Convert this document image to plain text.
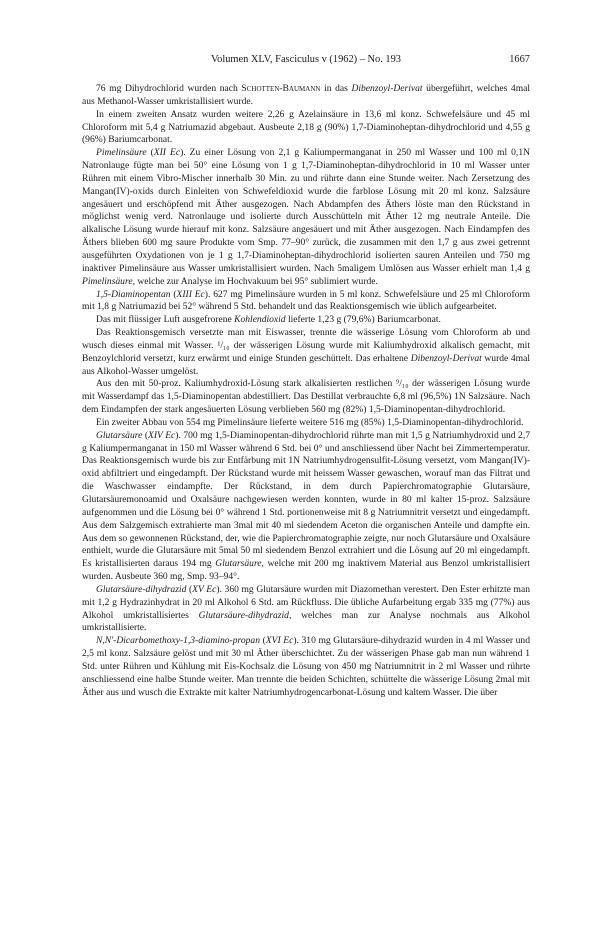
Volumen XLV, Fasciculus v (1962) – No. 193	1667

76 mg Dihydrochlorid wurden nach Schotten-Baumann in das Dibenzoyl-Derivat übergeführt, welches 4mal aus Methanol-Wasser umkristallisiert wurde.

In einem zweiten Ansatz wurden weitere 2,26 g Azelainsäure in 13,6 ml konz. Schwefelsäure und 45 ml Chloroform mit 5,4 g Natriumazid abgebaut. Ausbeute 2,18 g (90%) 1,7-Diaminoheptan-dihydrochlorid und 4,55 g (96%) Bariumcarbonat.

Pimelinsäure (XII Ec). Zu einer Lösung von 2,1 g Kaliumpermanganat in 250 ml Wasser und 100 ml 0,1N Natronlauge fügte man bei 50° eine Lösung von 1 g 1,7-Diaminoheptan-dihydrochlorid in 10 ml Wasser unter Rühren mit einem Vibro-Mischer innerhalb 30 Min. zu und rührte dann eine Stunde weiter. Nach Zersetzung des Mangan(IV)-oxids durch Einleiten von Schwefeldioxid wurde die farblose Lösung mit 20 ml konz. Salzsäure angesäuert und erschöpfend mit Äther ausgezogen. Nach Abdampfen des Äthers löste man den Rückstand in möglichst wenig verd. Natronlauge und isolierte durch Ausschütteln mit Äther 12 mg neutrale Anteile. Die alkalische Lösung wurde hierauf mit konz. Salzsäure angesäuert und mit Äther ausgezogen. Nach Eindampfen des Äthers blieben 600 mg saure Produkte vom Smp. 77–90° zurück, die zusammen mit den 1,7 g aus zwei getrennt ausgeführten Oxydationen von je 1 g 1,7-Diaminoheptan-dihydrochlorid isolierten sauren Anteilen und 750 mg inaktiver Pimelinsäure aus Wasser umkristallisiert wurden. Nach 5maligem Umlösen aus Wasser erhielt man 1,4 g Pimelinsäure, welche zur Analyse im Hochvakuum bei 95° sublimiert wurde.

1,5-Diaminopentan (XIII Ec). 627 mg Pimelinsäure wurden in 5 ml konz. Schwefelsäure und 25 ml Chloroform mit 1,8 g Natriumazid bei 52° während 5 Std. behandelt und das Reaktionsgemisch wie üblich aufgearbeitet.

Das mit flüssiger Luft ausgefrorene Kohlendioxid lieferte 1,23 g (79,6%) Bariumcarbonat.

Das Reaktionsgemisch versetzte man mit Eiswasser, trennte die wässerige Lösung vom Chloroform ab und wusch dieses einmal mit Wasser. ¹/₁₀ der wässerigen Lösung wurde mit Kaliumhydroxid alkalisch gemacht, mit Benzoylchlorid versetzt, kurz erwärmt und einige Stunden geschüttelt. Das erhaltene Dibenzoyl-Derivat wurde 4mal aus Alkohol-Wasser umgelöst.

Aus den mit 50-proz. Kaliumhydroxid-Lösung stark alkalisierten restlichen ⁹/₁₀ der wässerigen Lösung wurde mit Wasserdampf das 1,5-Diaminopentan abdestilliert. Das Destillat verbrauchte 6,8 ml (96,5%) 1N Salzsäure. Nach dem Eindampfen der stark angesäuerten Lösung verblieben 560 mg (82%) 1,5-Diaminopentan-dihydrochlorid.

Ein zweiter Abbau von 554 mg Pimelinsäure lieferte weitere 516 mg (85%) 1,5-Diaminopentan-dihydrochlorid.

Glutarsäure (XIV Ec). 700 mg 1,5-Diaminopentan-dihydrochlorid rührte man mit 1,5 g Natriumhydroxid und 2,7 g Kaliumpermanganat in 150 ml Wasser während 6 Std. bei 0° und anschliessend über Nacht bei Zimmertemperatur. Das Reaktionsgemisch wurde bis zur Entfärbung mit 1N Natriumhydrogensulfit-Lösung versetzt, vom Mangan(IV)-oxid abfiltriert und eingedampft. Der Rückstand wurde mit heissem Wasser gewaschen, worauf man das Filtrat und die Waschwasser eindampfte. Der Rückstand, in dem durch Papierchromatographie Glutarsäure, Glutarsäuremonoamid und Oxalsäure nachgewiesen werden konnten, wurde in 80 ml kalter 15-proz. Salzsäure aufgenommen und die Lösung bei 0° während 1 Std. portionenweise mit 8 g Natriumnitrit versetzt und eingedampft. Aus dem Salzgemisch extrahierte man 3mal mit 40 ml siedendem Aceton die organischen Anteile und dampfte ein. Aus dem so gewonnenen Rückstand, der, wie die Papierchromatographie zeigte, nur noch Glutarsäure und Oxalsäure enthielt, wurde die Glutarsäure mit 5mal 50 ml siedendem Benzol extrahiert und die Lösung auf 20 ml eingedampft. Es kristallisierten daraus 194 mg Glutarsäure, welche mit 200 mg inaktivem Material aus Benzol umkristallisiert wurden. Ausbeute 360 mg, Smp. 93–94°.

Glutarsäure-dihydrazid (XV Ec). 360 mg Glutarsäure wurden mit Diazomethan verestert. Den Ester erhitzte man mit 1,2 g Hydrazinhydrat in 20 ml Alkohol 6 Std. am Rückfluss. Die übliche Aufarbeitung ergab 335 mg (77%) aus Alkohol umkristallisiertes Glutarsäure-dihydrazid, welches man zur Analyse nochmals aus Alkohol umkristallisierte.

N,N'-Dicarbomethoxy-1,3-diamino-propan (XVI Ec). 310 mg Glutarsäure-dihydrazid wurden in 4 ml Wasser und 2,5 ml konz. Salzsäure gelöst und mit 30 ml Äther überschichtet. Zu der wässerigen Phase gab man nun während 1 Std. unter Rühren und Kühlung mit Eis-Kochsalz die Lösung von 450 mg Natriumnitrit in 2 ml Wasser und rührte anschliessend eine halbe Stunde weiter. Man trennte die beiden Schichten, schüttelte die wässerige Lösung 2mal mit Äther aus und wusch die Extrakte mit kalter Natriumhydrogencarbonat-Lösung und kaltem Wasser. Die über
